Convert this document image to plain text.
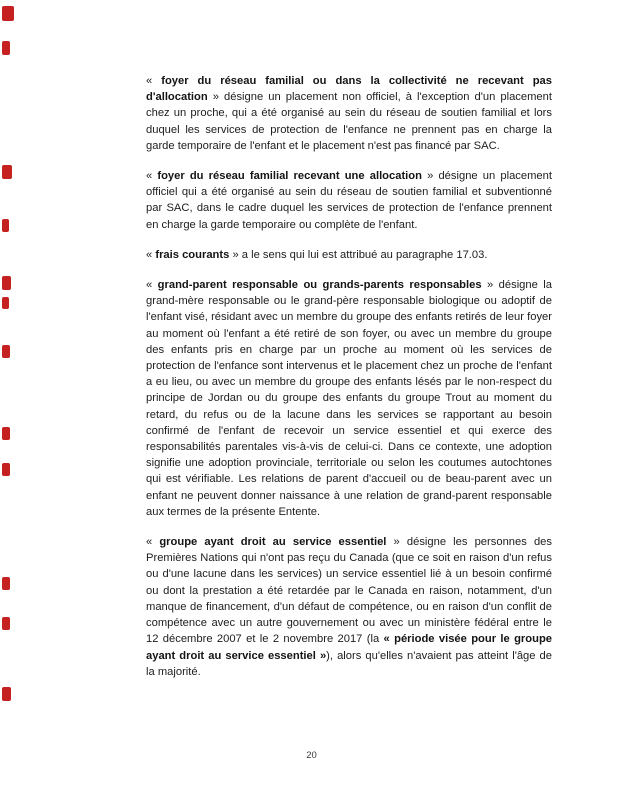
« foyer du réseau familial ou dans la collectivité ne recevant pas d'allocation » désigne un placement non officiel, à l'exception d'un placement chez un proche, qui a été organisé au sein du réseau de soutien familial et lors duquel les services de protection de l'enfance ne prennent pas en charge la garde temporaire de l'enfant et le placement n'est pas financé par SAC.

« foyer du réseau familial recevant une allocation » désigne un placement officiel qui a été organisé au sein du réseau de soutien familial et subventionné par SAC, dans le cadre duquel les services de protection de l'enfance prennent en charge la garde temporaire ou complète de l'enfant.

« frais courants » a le sens qui lui est attribué au paragraphe 17.03.

« grand-parent responsable ou grands-parents responsables » désigne la grand-mère responsable ou le grand-père responsable biologique ou adoptif de l'enfant visé, résidant avec un membre du groupe des enfants retirés de leur foyer au moment où l'enfant a été retiré de son foyer, ou avec un membre du groupe des enfants pris en charge par un proche au moment où les services de protection de l'enfance sont intervenus et le placement chez un proche de l'enfant a eu lieu, ou avec un membre du groupe des enfants lésés par le non-respect du principe de Jordan ou du groupe des enfants du groupe Trout au moment du retard, du refus ou de la lacune dans les services se rapportant au besoin confirmé de l'enfant de recevoir un service essentiel et qui exerce des responsabilités parentales vis-à-vis de celui-ci. Dans ce contexte, une adoption signifie une adoption provinciale, territoriale ou selon les coutumes autochtones qui est vérifiable. Les relations de parent d'accueil ou de beau-parent avec un enfant ne peuvent donner naissance à une relation de grand-parent responsable aux termes de la présente Entente.

« groupe ayant droit au service essentiel » désigne les personnes des Premières Nations qui n'ont pas reçu du Canada (que ce soit en raison d'un refus ou d'une lacune dans les services) un service essentiel lié à un besoin confirmé ou dont la prestation a été retardée par le Canada en raison, notamment, d'un manque de financement, d'un défaut de compétence, ou en raison d'un conflit de compétence avec un autre gouvernement ou avec un ministère fédéral entre le 12 décembre 2007 et le 2 novembre 2017 (la « période visée pour le groupe ayant droit au service essentiel »), alors qu'elles n'avaient pas atteint l'âge de la majorité.

20
